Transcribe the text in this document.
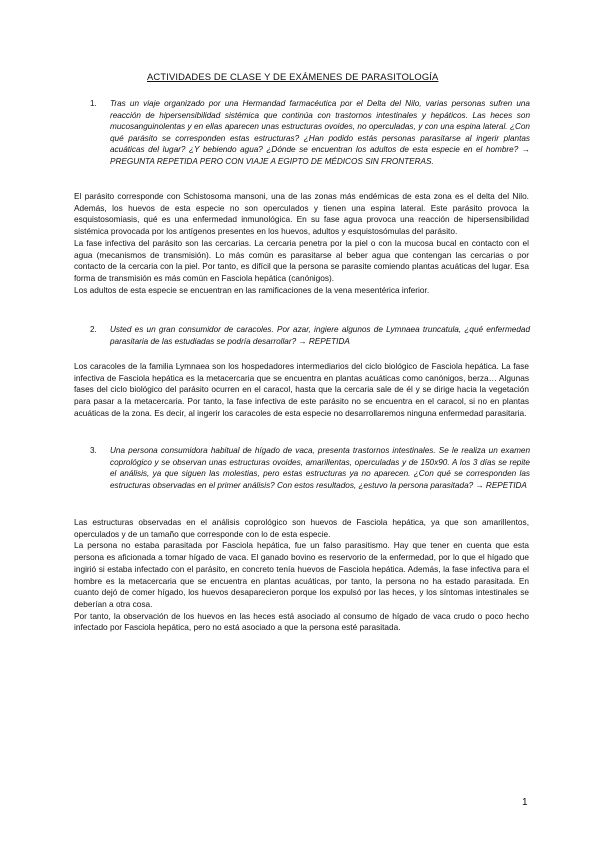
ACTIVIDADES DE CLASE Y DE EXÁMENES DE PARASITOLOGÍA
1. Tras un viaje organizado por una Hermandad farmacéutica por el Delta del Nilo, varias personas sufren una reacción de hipersensibilidad sistémica que continúa con trastornos intestinales y hepáticos. Las heces son mucosanguinolentas y en ellas aparecen unas estructuras ovoides, no operculadas, y con una espina lateral. ¿Con qué parásito se corresponden estas estructuras? ¿Han podido estás personas parasitarse al ingerir plantas acuáticas del lugar? ¿Y bebiendo agua? ¿Dónde se encuentran los adultos de esta especie en el hombre? → PREGUNTA REPETIDA PERO CON VIAJE A EGIPTO DE MÉDICOS SIN FRONTERAS.

El parásito corresponde con Schistosoma mansoni, una de las zonas más endémicas de esta zona es el delta del Nilo. Además, los huevos de esta especie no son operculados y tienen una espina lateral. Este parásito provoca la esquistosomiasis, qué es una enfermedad inmunológica. En su fase agua provoca una reacción de hipersensibilidad sistémica provocada por los antígenos presentes en los huevos, adultos y esquistosómulas del parásito.

La fase infectiva del parásito son las cercarias. La cercaria penetra por la piel o con la mucosa bucal en contacto con el agua (mecanismos de transmisión). Lo más común es parasitarse al beber agua que contengan las cercarias o por contacto de la cercaria con la piel. Por tanto, es difícil que la persona se parasite comiendo plantas acuáticas del lugar. Esa forma de transmisión es más común en Fasciola hepática (canónigos).

Los adultos de esta especie se encuentran en las ramificaciones de la vena mesentérica inferior.

2. Usted es un gran consumidor de caracoles. Por azar, ingiere algunos de Lymnaea truncatula, ¿qué enfermedad parasitaria de las estudiadas se podría desarrollar? → REPETIDA

Los caracoles de la familia Lymnaea son los hospedadores intermediarios del ciclo biológico de Fasciola hepática. La fase infectiva de Fasciola hepática es la metacercaria que se encuentra en plantas acuáticas como canónigos, berza… Algunas fases del ciclo biológico del parásito ocurren en el caracol, hasta que la cercaria sale de él y se dirige hacia la vegetación para pasar a la metacercaria. Por tanto, la fase infectiva de este parásito no se encuentra en el caracol, si no en plantas acuáticas de la zona. Es decir, al ingerir los caracoles de esta especie no desarrollaremos ninguna enfermedad parasitaria.

3. Una persona consumidora habitual de hígado de vaca, presenta trastornos intestinales. Se le realiza un examen coprológico y se observan unas estructuras ovoides, amarillentas, operculadas y de 150x90. A los 3 días se repite el análisis, ya que siguen las molestias, pero estas estructuras ya no aparecen. ¿Con qué se corresponden las estructuras observadas en el primer análisis? Con estos resultados, ¿estuvo la persona parasitada? → REPETIDA

Las estructuras observadas en el análisis coprológico son huevos de Fasciola hepática, ya que son amarillentos, operculados y de un tamaño que corresponde con lo de esta especie.

La persona no estaba parasitada por Fasciola hepática, fue un falso parasitismo. Hay que tener en cuenta que esta persona es aficionada a tomar hígado de vaca. El ganado bovino es reservorio de la enfermedad, por lo que el hígado que ingirió si estaba infectado con el parásito, en concreto tenía huevos de Fasciola hepática. Además, la fase infectiva para el hombre es la metacercaria que se encuentra en plantas acuáticas, por tanto, la persona no ha estado parasitada. En cuanto dejó de comer hígado, los huevos desaparecieron porque los expulsó por las heces, y los síntomas intestinales se deberían a otra cosa.

Por tanto, la observación de los huevos en las heces está asociado al consumo de hígado de vaca crudo o poco hecho infectado por Fasciola hepática, pero no está asociado a que la persona esté parasitada.

1
